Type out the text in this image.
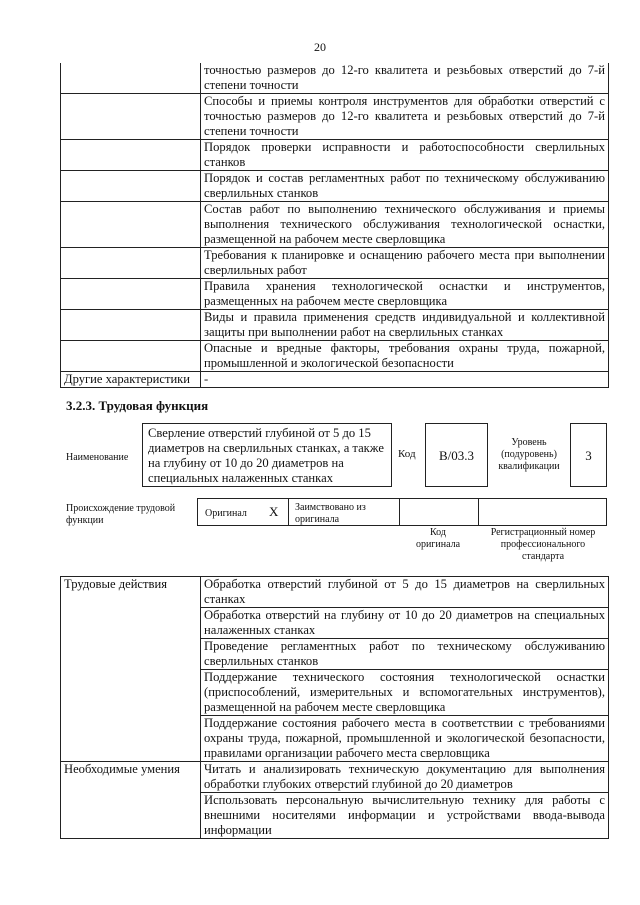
20
	точностью размеров до 12-го квалитета и резьбовых отверстий до 7-й степени точности
	Способы и приемы контроля инструментов для обработки отверстий с точностью размеров до 12-го квалитета и резьбовых отверстий до 7-й степени точности
	Порядок проверки исправности и работоспособности сверлильных станков
	Порядок и состав регламентных работ по техническому обслуживанию сверлильных станков
	Состав работ по выполнению технического обслуживания и приемы выполнения технического обслуживания технологической оснастки, размещенной на рабочем месте сверловщика
	Требования к планировке и оснащению рабочего места при выполнении сверлильных работ
	Правила хранения технологической оснастки и инструментов, размещенных на рабочем месте сверловщика
	Виды и правила применения средств индивидуальной и коллективной защиты при выполнении работ на сверлильных станках
	Опасные и вредные факторы, требования охраны труда, пожарной, промышленной и экологической безопасности
Другие характеристики	-
3.2.3. Трудовая функция
Наименование
Сверление отверстий глубиной от 5 до 15 диаметров на сверлильных станках, а также на глубину от 10 до 20 диаметров на специальных налаженных станках
Код	B/03.3
Уровень (подуровень) квалификации
3
Происхождение трудовой функции
Оригинал X Заимствовано из оригинала
Код оригинала
Регистрационный номер профессионального стандарта
Трудовые действия	Обработка отверстий глубиной от 5 до 15 диаметров на сверлильных станках
	Обработка отверстий на глубину от 10 до 20 диаметров на специальных налаженных станках
	Проведение регламентных работ по техническому обслуживанию сверлильных станков
	Поддержание технического состояния технологической оснастки (приспособлений, измерительных и вспомогательных инструментов), размещенной на рабочем месте сверловщика
	Поддержание состояния рабочего места в соответствии с требованиями охраны труда, пожарной, промышленной и экологической безопасности, правилами организации рабочего места сверловщика
Необходимые умения	Читать и анализировать техническую документацию для выполнения обработки глубоких отверстий глубиной до 20 диаметров
	Использовать персональную вычислительную технику для работы с внешними носителями информации и устройствами ввода-вывода информации
